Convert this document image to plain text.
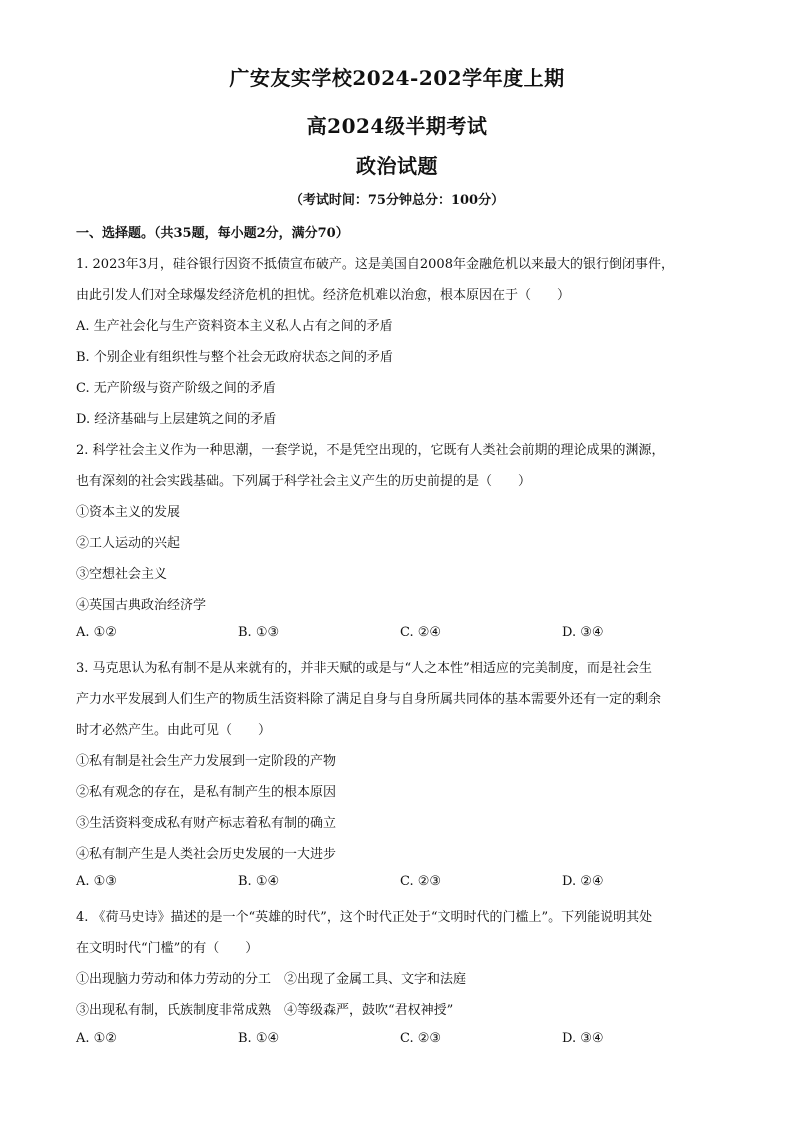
广安友实学校2024-202学年度上期
高2024级半期考试
政治试题
（考试时间：75分钟总分：100分）
一、选择题。（共35题，每小题2分，满分70）
1. 2023年3月，硅谷银行因资不抵债宣布破产。这是美国自2008年金融危机以来最大的银行倒闭事件，
由此引发人们对全球爆发经济危机的担忧。经济危机难以治愈，根本原因在于（　　）
A. 生产社会化与生产资料资本主义私人占有之间的矛盾
B. 个别企业有组织性与整个社会无政府状态之间的矛盾
C. 无产阶级与资产阶级之间的矛盾
D. 经济基础与上层建筑之间的矛盾
2. 科学社会主义作为一种思潮，一套学说，不是凭空出现的，它既有人类社会前期的理论成果的渊源，
也有深刻的社会实践基础。下列属于科学社会主义产生的历史前提的是（　　）
①资本主义的发展
②工人运动的兴起
③空想社会主义
④英国古典政治经济学
A. ①②	B. ①③	C. ②④	D. ③④
3. 马克思认为私有制不是从来就有的，并非天赋的或是与“人之本性”相适应的完美制度，而是社会生
产力水平发展到人们生产的物质生活资料除了满足自身与自身所属共同体的基本需要外还有一定的剩余
时才必然产生。由此可见（　　）
①私有制是社会生产力发展到一定阶段的产物
②私有观念的存在，是私有制产生的根本原因
③生活资料变成私有财产标志着私有制的确立
④私有制产生是人类社会历史发展的一大进步
A. ①③	B. ①④	C. ②③	D. ②④
4. 《荷马史诗》描述的是一个“英雄的时代”，这个时代正处于“文明时代的门槛上”。下列能说明其处
在文明时代“门槛”的有（　　）
①出现脑力劳动和体力劳动的分工　②出现了金属工具、文字和法庭
③出现私有制，氏族制度非常成熟　④等级森严，鼓吹“君权神授”
A. ①②	B. ①④	C. ②③	D. ③④
